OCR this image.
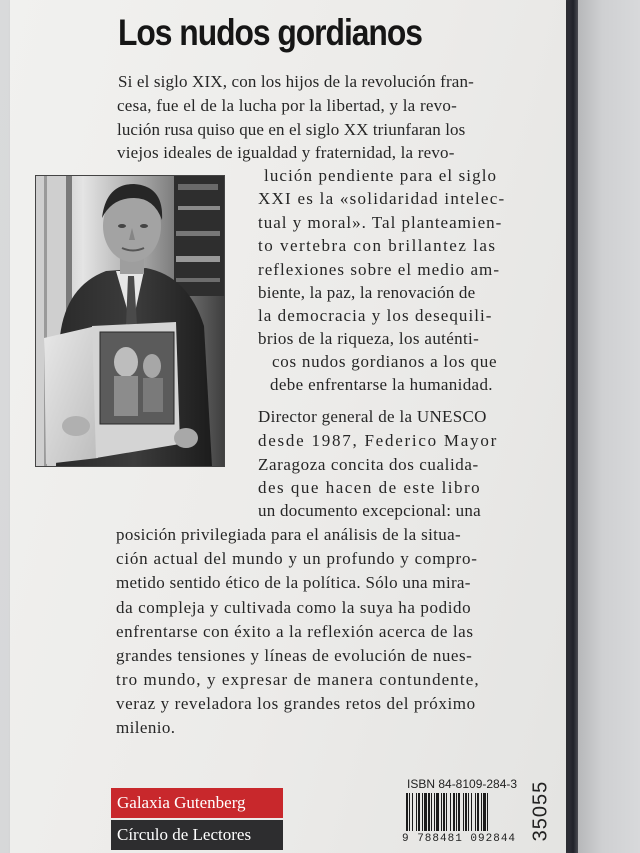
Los nudos gordianos
Si el siglo XIX, con los hijos de la revolución fran-
cesa, fue el de la lucha por la libertad, y la revo-
lución rusa quiso que en el siglo XX triunfaran los
viejos ideales de igualdad y fraternidad, la revo-
lución pendiente para el siglo
XXI es la «solidaridad intelec-
tual y moral». Tal planteamien-
to vertebra con brillantez las
reflexiones sobre el medio am-
biente, la paz, la renovación de
la democracia y los desequili-
brios de la riqueza, los auténti-
cos nudos gordianos a los que
debe enfrentarse la humanidad.
Director general de la UNESCO
desde 1987, Federico Mayor
Zaragoza concita dos cualida-
des que hacen de este libro
un documento excepcional: una
posición privilegiada para el análisis de la situa-
ción actual del mundo y un profundo y compro-
metido sentido ético de la política. Sólo una mira-
da compleja y cultivada como la suya ha podido
enfrentarse con éxito a la reflexión acerca de las
grandes tensiones y líneas de evolución de nues-
tro mundo, y expresar de manera contundente,
veraz y reveladora los grandes retos del próximo
milenio.
Galaxia Gutenberg
Círculo de Lectores
ISBN 84-8109-284-3
9 788481 092844 35055
